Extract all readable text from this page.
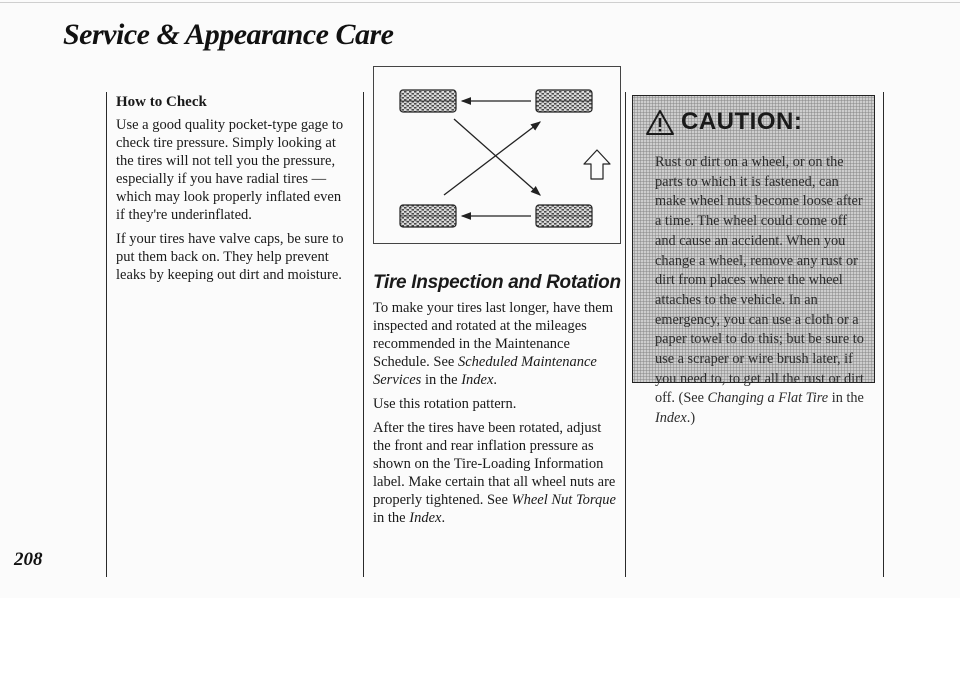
Service & Appearance Care

208

How to Check

Use a good quality pocket-type gage to check tire pressure. Simply looking at the tires will not tell you the pressure, especially if you have radial tires — which may look properly inflated even if they're underinflated.

If your tires have valve caps, be sure to put them back on. They help prevent leaks by keeping out dirt and moisture.	Tire Inspection and Rotation

To make your tires last longer, have them inspected and rotated at the mileages recommended in the Maintenance Schedule. See Scheduled Maintenance Services in the Index.

Use this rotation pattern.

After the tires have been rotated, adjust the front and rear inflation pressure as shown on the Tire-Loading Information label. Make certain that all wheel nuts are properly tightened. See Wheel Nut Torque in the Index.

CAUTION:

Rust or dirt on a wheel, or on the parts to which it is fastened, can make wheel nuts become loose after a time. The wheel could come off and cause an accident. When you change a wheel, remove any rust or dirt from places where the wheel attaches to the vehicle. In an emergency, you can use a cloth or a paper towel to do this; but be sure to use a scraper or wire brush later, if you need to, to get all the rust or dirt off. (See Changing a Flat Tire in the Index.)
